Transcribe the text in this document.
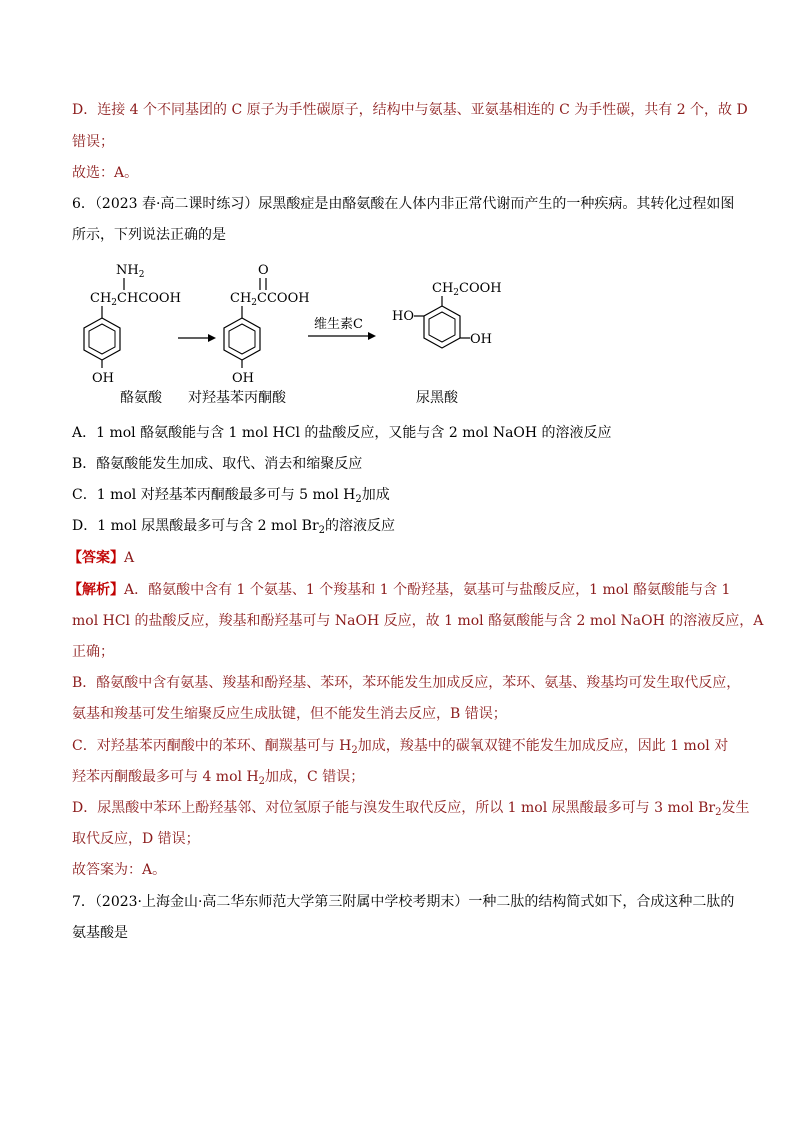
D．连接 4 个不同基团的 C 原子为手性碳原子，结构中与氨基、亚氨基相连的 C 为手性碳，共有 2 个，故 D
错误；
故选：A。
6．（2023 春·高二课时练习）尿黑酸症是由酪氨酸在人体内非正常代谢而产生的一种疾病。其转化过程如图
所示，下列说法正确的是
$NH_2$
$CH_2CHCOOH$
OH
酪氨酸
O
$CH_2CCOOH$
OH
对羟基苯丙酮酸
维生素C
$CH_2COOH$
HO
OH
尿黑酸
A．1 mol 酪氨酸能与含 1 mol HCl 的盐酸反应，又能与含 2 mol NaOH 的溶液反应
B．酪氨酸能发生加成、取代、消去和缩聚反应
C．1 mol 对羟基苯丙酮酸最多可与 5 mol $H_2$加成
D．1 mol 尿黑酸最多可与含 2 mol $Br_2$的溶液反应
【答案】A
【解析】A．酪氨酸中含有 1 个氨基、1 个羧基和 1 个酚羟基，氨基可与盐酸反应，1 mol 酪氨酸能与含 1
mol HCl 的盐酸反应，羧基和酚羟基可与 NaOH 反应，故 1 mol 酪氨酸能与含 2 mol NaOH 的溶液反应，A
正确；
B．酪氨酸中含有氨基、羧基和酚羟基、苯环，苯环能发生加成反应，苯环、氨基、羧基均可发生取代反应，
氨基和羧基可发生缩聚反应生成肽键，但不能发生消去反应，B 错误；
C．对羟基苯丙酮酸中的苯环、酮羰基可与 $H_2$加成，羧基中的碳氧双键不能发生加成反应，因此 1 mol 对
羟苯丙酮酸最多可与 4 mol $H_2$加成，C 错误；
D．尿黑酸中苯环上酚羟基邻、对位氢原子能与溴发生取代反应，所以 1 mol 尿黑酸最多可与 3 mol $Br_2$发生
取代反应，D 错误；
故答案为：A。
7．（2023·上海金山·高二华东师范大学第三附属中学校考期末）一种二肽的结构简式如下，合成这种二肽的
氨基酸是
